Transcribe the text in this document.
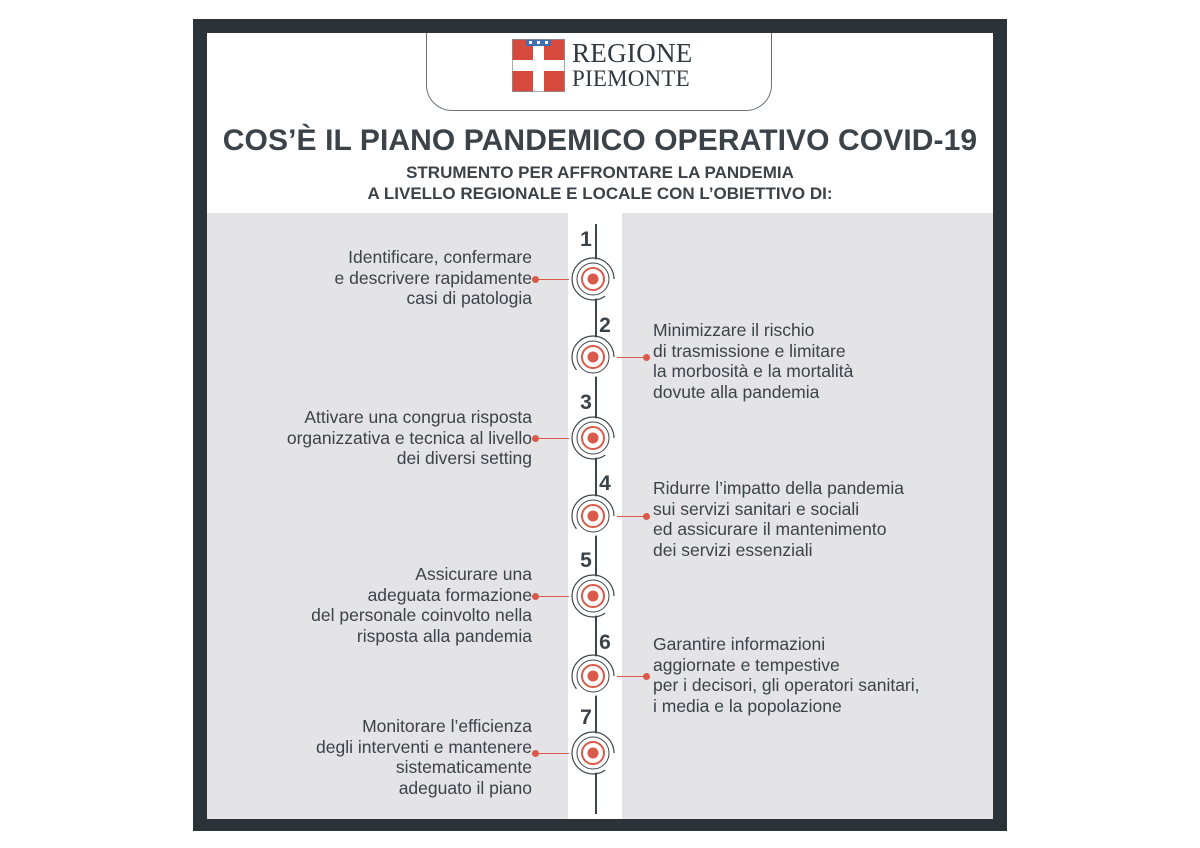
REGIONE
PIEMONTE
COS’È IL PIANO PANDEMICO OPERATIVO COVID-19
STRUMENTO PER AFFRONTARE LA PANDEMIA
A LIVELLO REGIONALE E LOCALE CON L’OBIETTIVO DI:
1
Identificare, confermare
e descrivere rapidamente
casi di patologia
2	Minimizzare il rischio
di trasmissione e limitare
la morbosità e la mortalità
dovute alla pandemia
3
Attivare una congrua risposta
organizzativa e tecnica al livello
dei diversi setting
4	Ridurre l’impatto della pandemia
sui servizi sanitari e sociali
ed assicurare il mantenimento
dei servizi essenziali
5
Assicurare una
adeguata formazione
del personale coinvolto nella
risposta alla pandemia	6	Garantire informazioni
aggiornate e tempestive
per i decisori, gli operatori sanitari,
i media e la popolazione
7
Monitorare l’efficienza
degli interventi e mantenere
sistematicamente
adeguato il piano
